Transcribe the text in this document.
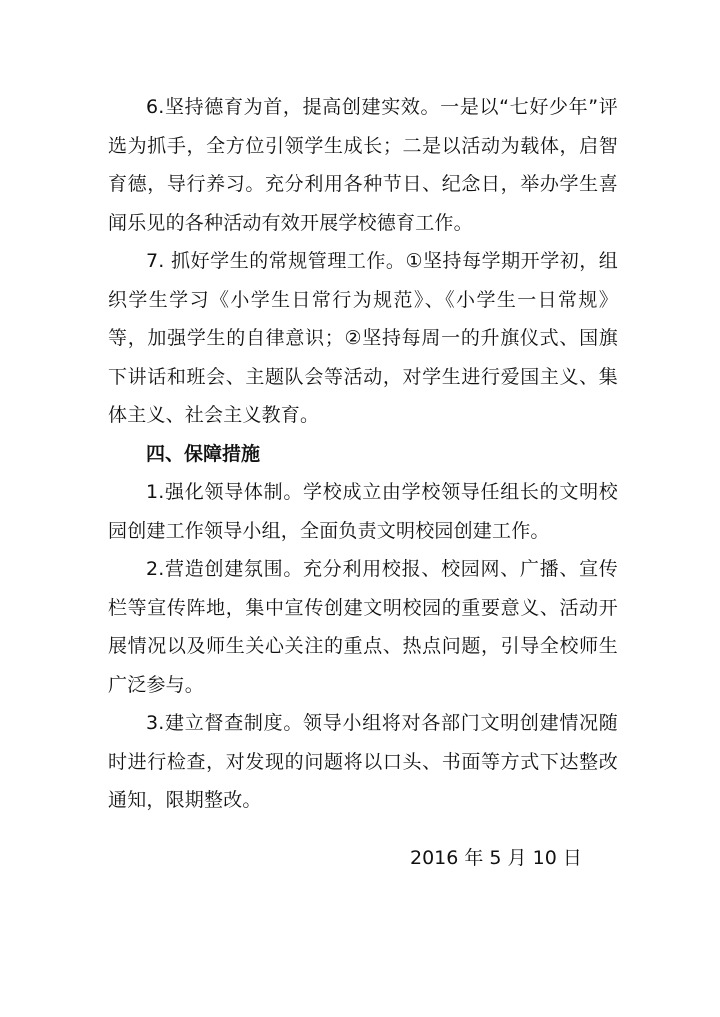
6.坚持德育为首，提高创建实效。一是以“七好少年”评选为抓手，全方位引领学生成长；二是以活动为载体，启智育德，导行养习。充分利用各种节日、纪念日，举办学生喜闻乐见的各种活动有效开展学校德育工作。

7. 抓好学生的常规管理工作。①坚持每学期开学初，组织学生学习《小学生日常行为规范》、《小学生一日常规》等，加强学生的自律意识；②坚持每周一的升旗仪式、国旗下讲话和班会、主题队会等活动，对学生进行爱国主义、集体主义、社会主义教育。

四、保障措施

1.强化领导体制。学校成立由学校领导任组长的文明校园创建工作领导小组，全面负责文明校园创建工作。

2.营造创建氛围。充分利用校报、校园网、广播、宣传栏等宣传阵地，集中宣传创建文明校园的重要意义、活动开展情况以及师生关心关注的重点、热点问题，引导全校师生广泛参与。

3.建立督查制度。领导小组将对各部门文明创建情况随时进行检查，对发现的问题将以口头、书面等方式下达整改通知，限期整改。

2016 年 5 月 10 日
